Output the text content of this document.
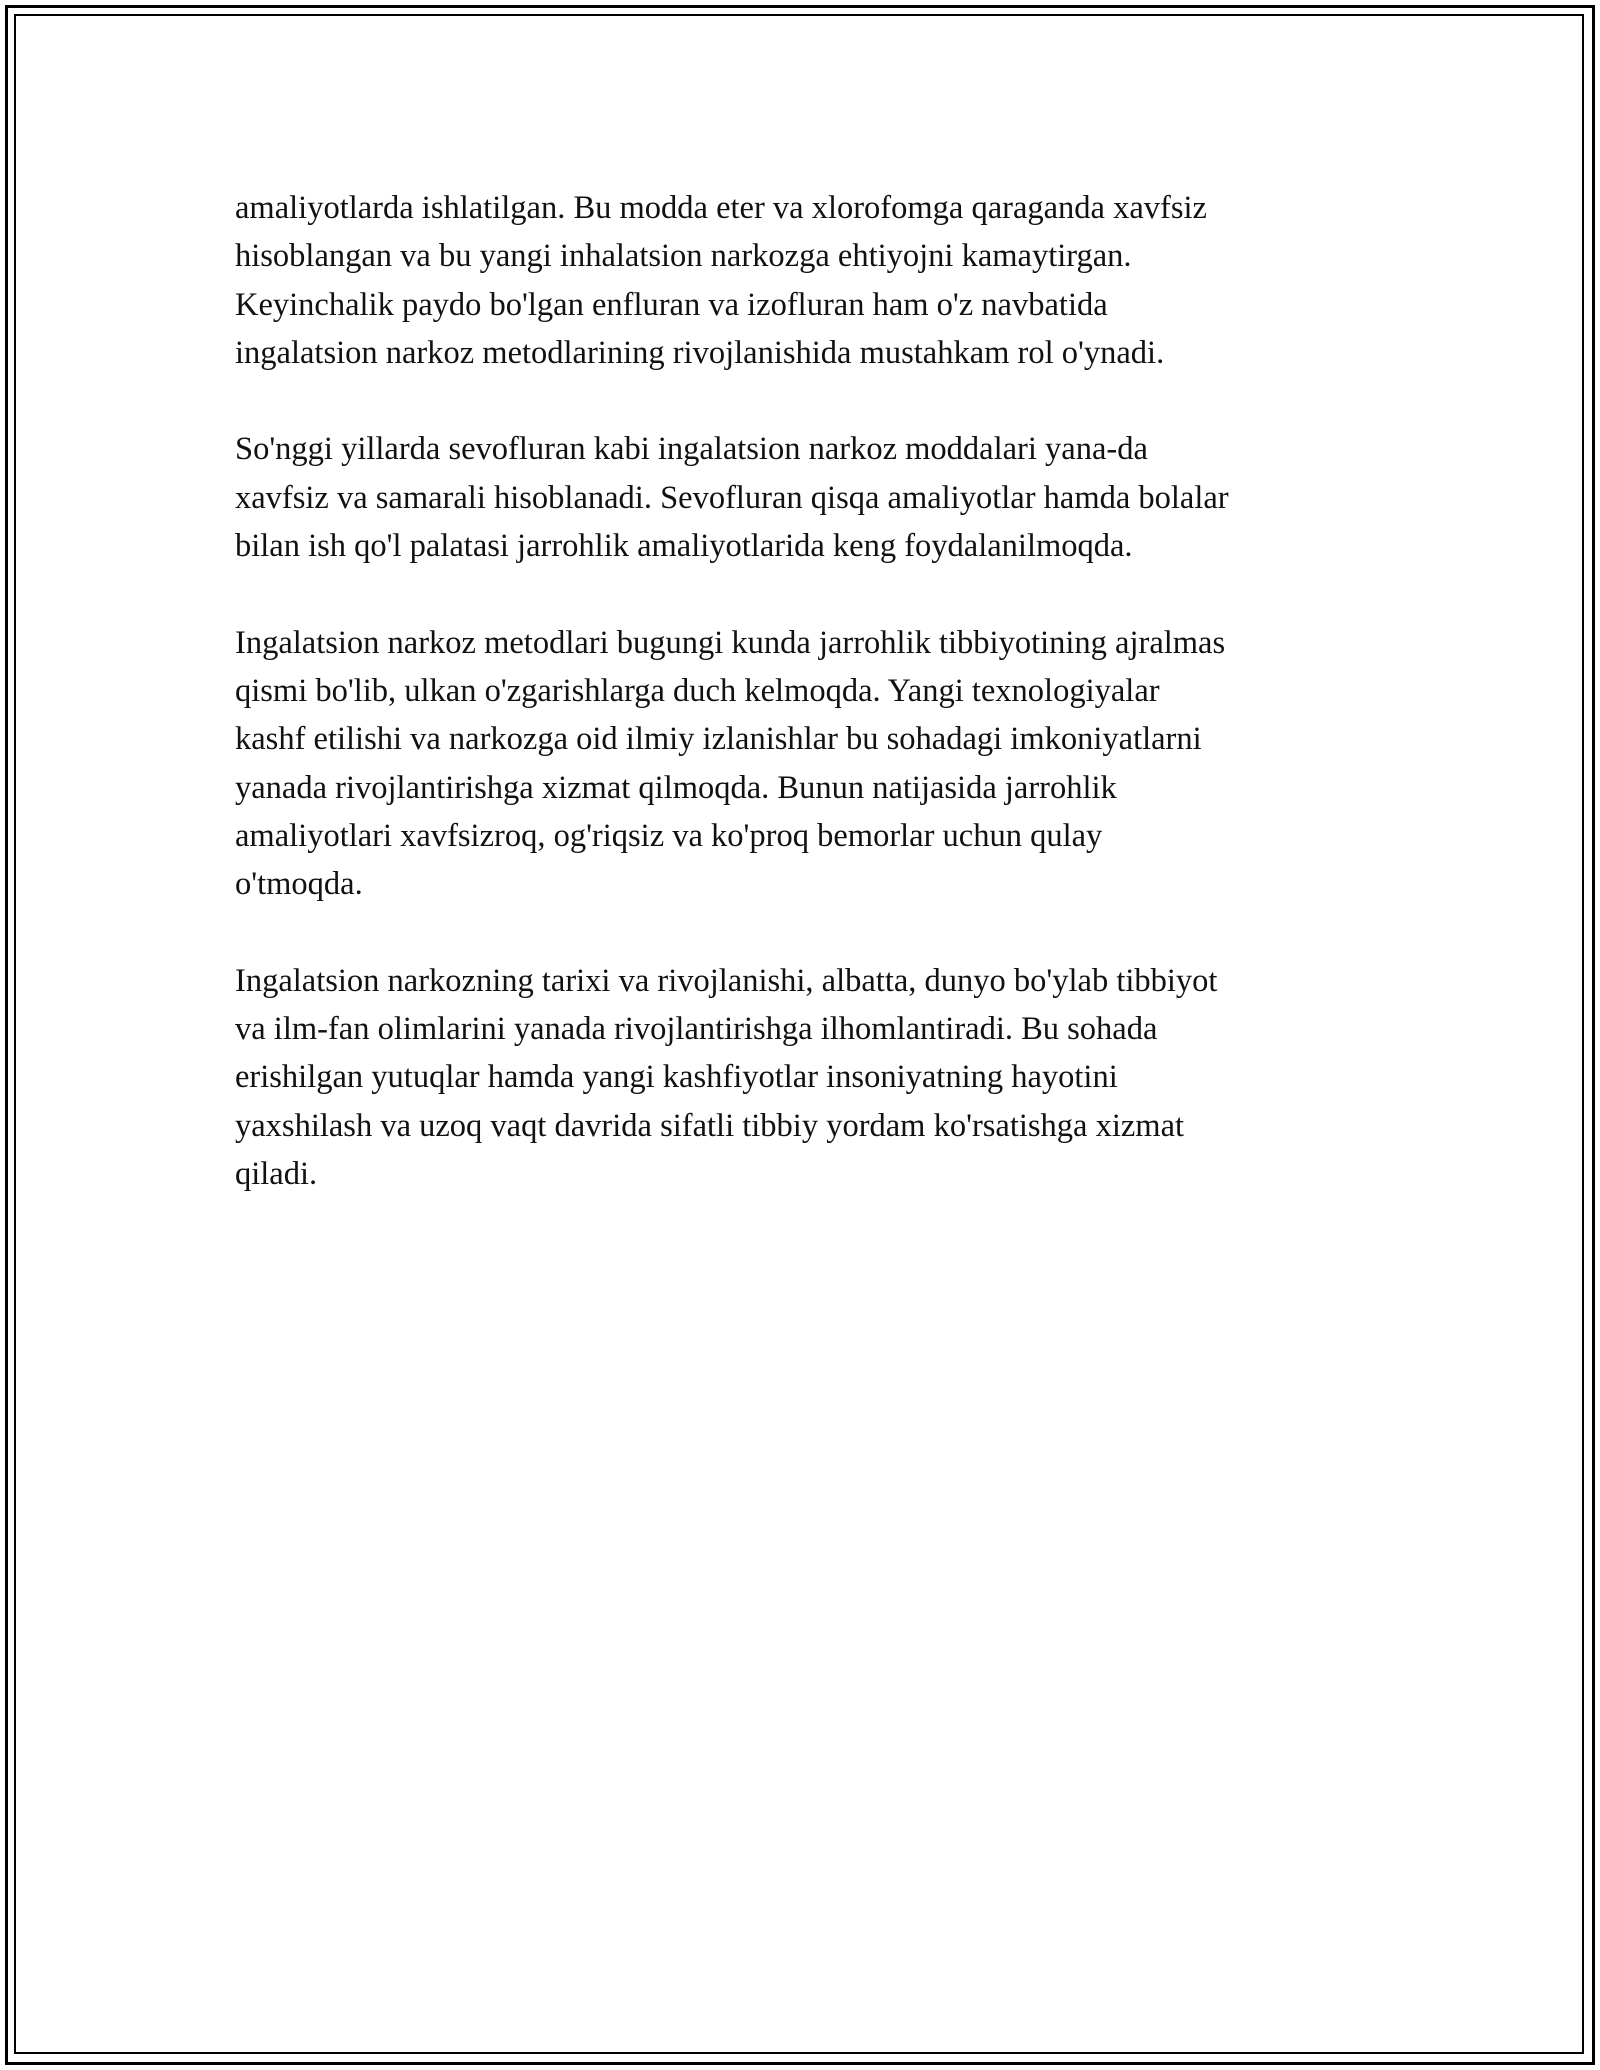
amaliyotlarda ishlatilgan. Bu modda eter va xlorofomga qaraganda xavfsiz
hisoblangan va bu yangi inhalatsion narkozga ehtiyojni kamaytirgan.
Keyinchalik paydo bo'lgan enfluran va izofluran ham o'z navbatida
ingalatsion narkoz metodlarining rivojlanishida mustahkam rol o'ynadi.

So'nggi yillarda sevofluran kabi ingalatsion narkoz moddalari yana-da
xavfsiz va samarali hisoblanadi. Sevofluran qisqa amaliyotlar hamda bolalar
bilan ish qo'l palatasi jarrohlik amaliyotlarida keng foydalanilmoqda.

Ingalatsion narkoz metodlari bugungi kunda jarrohlik tibbiyotining ajralmas
qismi bo'lib, ulkan o'zgarishlarga duch kelmoqda. Yangi texnologiyalar
kashf etilishi va narkozga oid ilmiy izlanishlar bu sohadagi imkoniyatlarni
yanada rivojlantirishga xizmat qilmoqda. Bunun natijasida jarrohlik
amaliyotlari xavfsizroq, og'riqsiz va ko'proq bemorlar uchun qulay
o'tmoqda.

Ingalatsion narkozning tarixi va rivojlanishi, albatta, dunyo bo'ylab tibbiyot
va ilm-fan olimlarini yanada rivojlantirishga ilhomlantiradi. Bu sohada
erishilgan yutuqlar hamda yangi kashfiyotlar insoniyatning hayotini
yaxshilash va uzoq vaqt davrida sifatli tibbiy yordam ko'rsatishga xizmat
qiladi.
